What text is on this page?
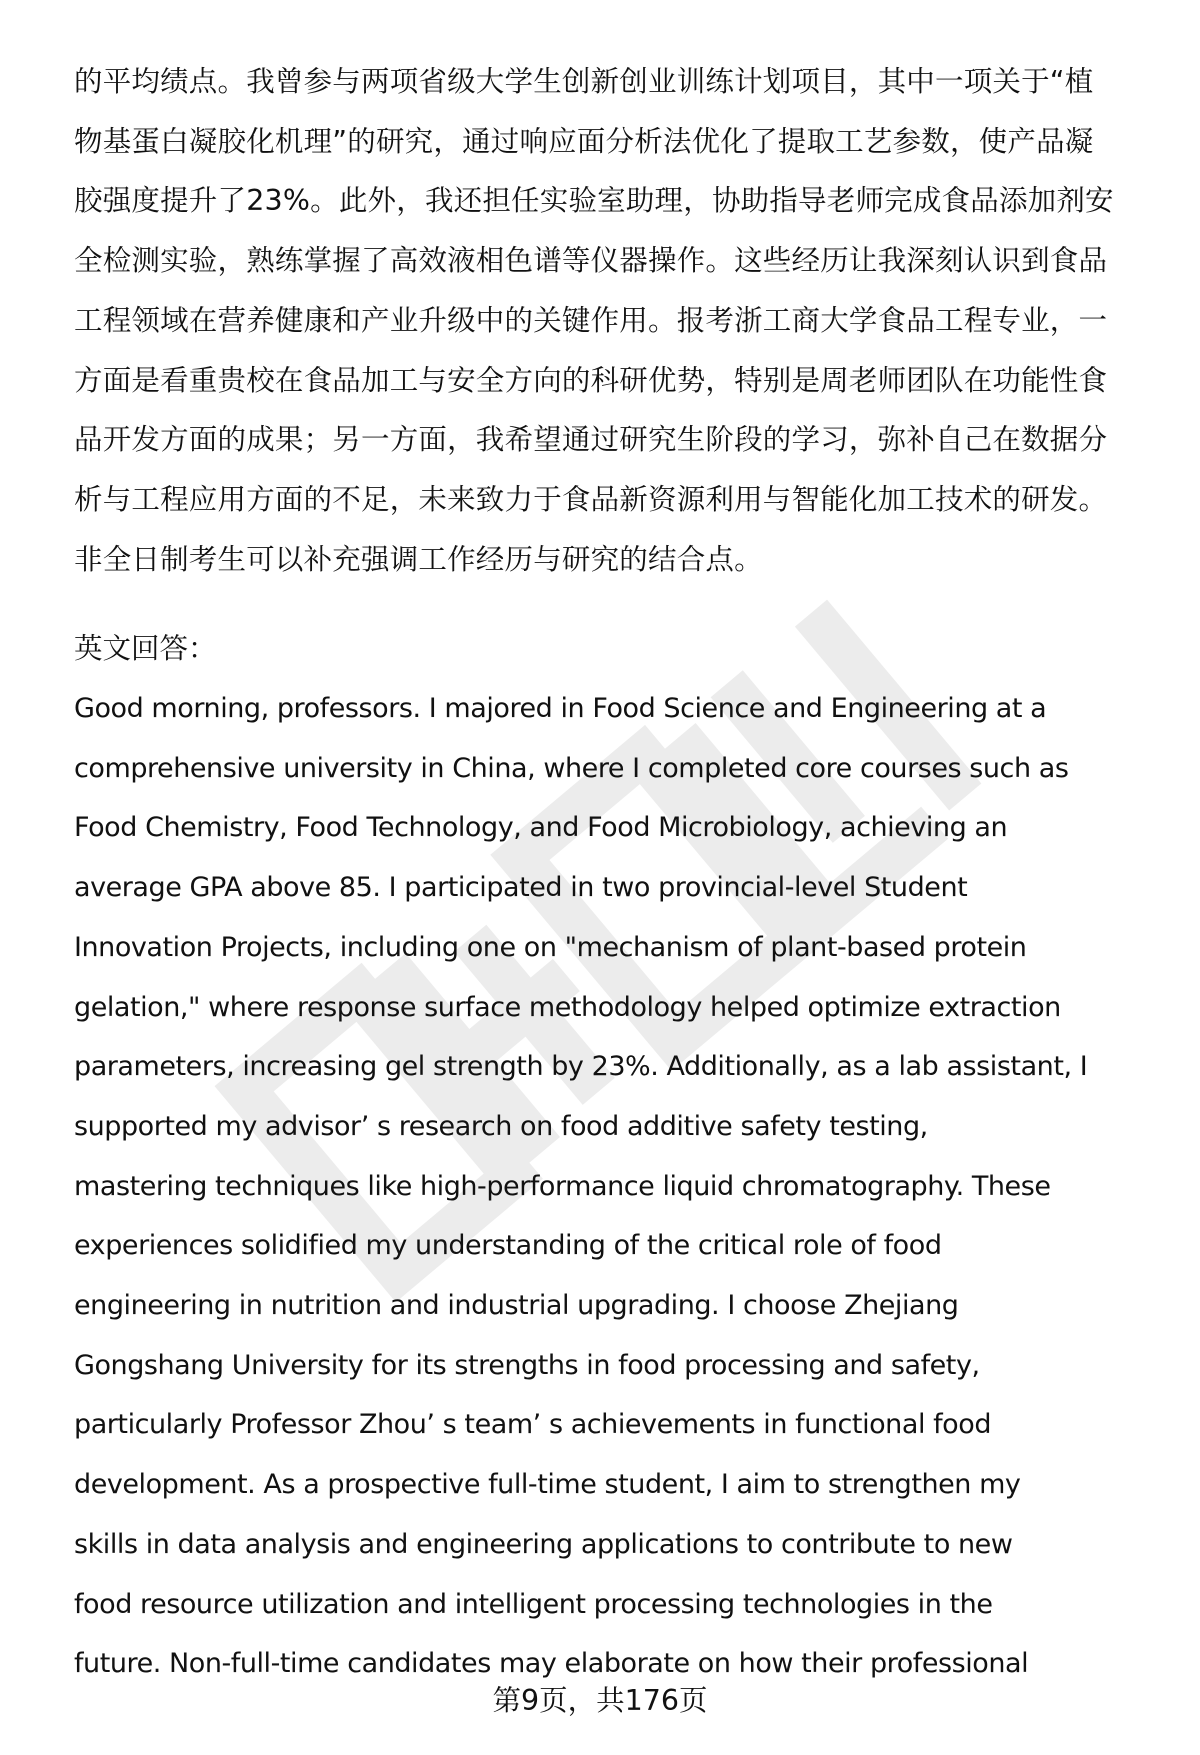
的平均绩点。我曾参与两项省级大学生创新创业训练计划项目，其中一项关于“植
物基蛋白凝胶化机理”的研究，通过响应面分析法优化了提取工艺参数，使产品凝
胶强度提升了23%。此外，我还担任实验室助理，协助指导老师完成食品添加剂安
全检测实验，熟练掌握了高效液相色谱等仪器操作。这些经历让我深刻认识到食品
工程领域在营养健康和产业升级中的关键作用。报考浙工商大学食品工程专业，一
方面是看重贵校在食品加工与安全方向的科研优势，特别是周老师团队在功能性食
品开发方面的成果；另一方面，我希望通过研究生阶段的学习，弥补自己在数据分
析与工程应用方面的不足，未来致力于食品新资源利用与智能化加工技术的研发。
非全日制考生可以补充强调工作经历与研究的结合点。

英文回答：

Good morning, professors. I majored in Food Science and Engineering at a
comprehensive university in China, where I completed core courses such as
Food Chemistry, Food Technology, and Food Microbiology, achieving an
average GPA above 85. I participated in two provincial-level Student
Innovation Projects, including one on "mechanism of plant-based protein
gelation," where response surface methodology helped optimize extraction
parameters, increasing gel strength by 23%. Additionally, as a lab assistant, I
supported my advisor’ s research on food additive safety testing,
mastering techniques like high-performance liquid chromatography. These
experiences solidified my understanding of the critical role of food
engineering in nutrition and industrial upgrading. I choose Zhejiang
Gongshang University for its strengths in food processing and safety,
particularly Professor Zhou’ s team’ s achievements in functional food
development. As a prospective full-time student, I aim to strengthen my
skills in data analysis and engineering applications to contribute to new
food resource utilization and intelligent processing technologies in the
future. Non-full-time candidates may elaborate on how their professional

第9页，共176页
